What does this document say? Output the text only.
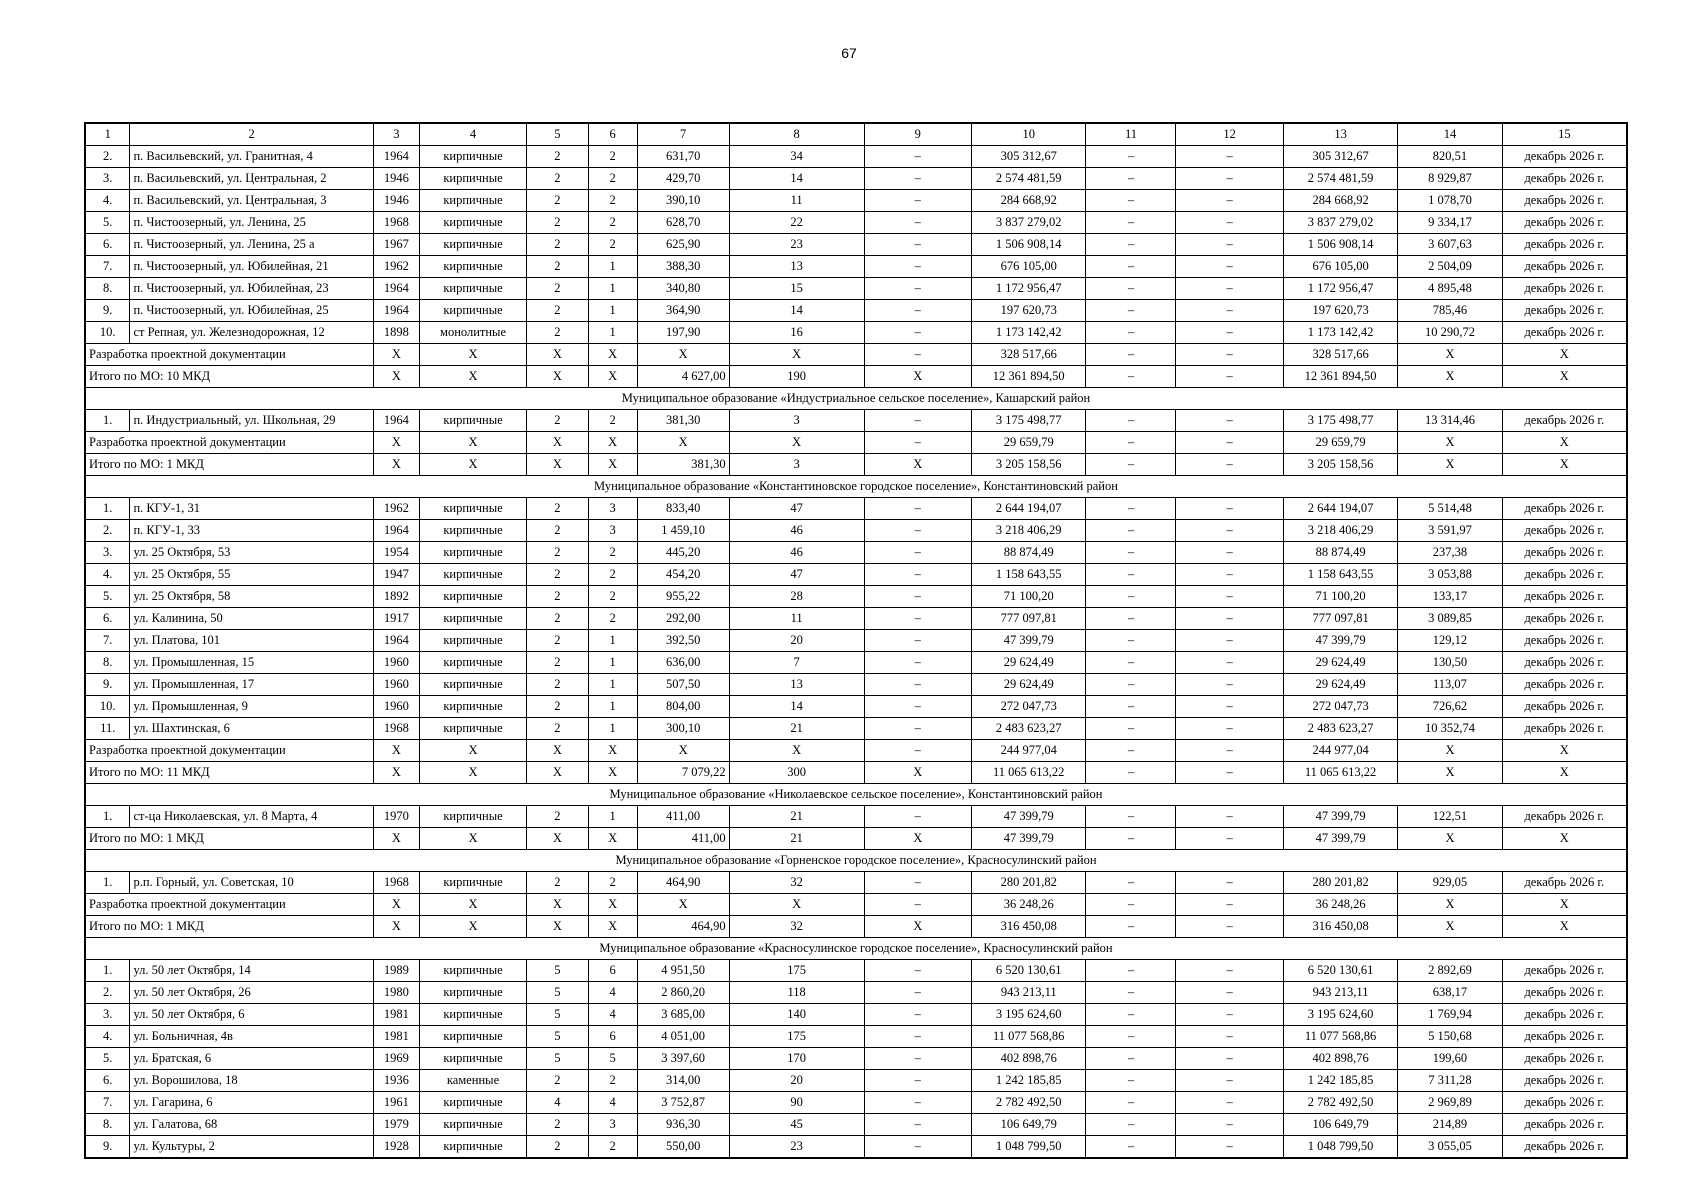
67
1	2	3	4	5	6	7	8	9	10	11	12	13	14	15
2.	п. Васильевский, ул. Гранитная, 4	1964	кирпичные	2	2	631,70	34	–	305 312,67	–	–	305 312,67	820,51	декабрь 2026 г.
3.	п. Васильевский, ул. Центральная, 2	1946	кирпичные	2	2	429,70	14	–	2 574 481,59	–	–	2 574 481,59	8 929,87	декабрь 2026 г.
4.	п. Васильевский, ул. Центральная, 3	1946	кирпичные	2	2	390,10	11	–	284 668,92	–	–	284 668,92	1 078,70	декабрь 2026 г.
5.	п. Чистоозерный, ул. Ленина, 25	1968	кирпичные	2	2	628,70	22	–	3 837 279,02	–	–	3 837 279,02	9 334,17	декабрь 2026 г.
6.	п. Чистоозерный, ул. Ленина, 25 а	1967	кирпичные	2	2	625,90	23	–	1 506 908,14	–	–	1 506 908,14	3 607,63	декабрь 2026 г.
7.	п. Чистоозерный, ул. Юбилейная, 21	1962	кирпичные	2	1	388,30	13	–	676 105,00	–	–	676 105,00	2 504,09	декабрь 2026 г.
8.	п. Чистоозерный, ул. Юбилейная, 23	1964	кирпичные	2	1	340,80	15	–	1 172 956,47	–	–	1 172 956,47	4 895,48	декабрь 2026 г.
9.	п. Чистоозерный, ул. Юбилейная, 25	1964	кирпичные	2	1	364,90	14	–	197 620,73	–	–	197 620,73	785,46	декабрь 2026 г.
10.	ст Репная, ул. Железнодорожная, 12	1898	монолитные	2	1	197,90	16	–	1 173 142,42	–	–	1 173 142,42	10 290,72	декабрь 2026 г.
Разработка проектной документации		X	X	X	X	X	X	–	328 517,66	–	–	328 517,66	X	X
Итого по МО: 10 МКД		X	X	X	X	4 627,00	190	X	12 361 894,50	–	–	12 361 894,50	X	X
Муниципальное образование «Индустриальное сельское поселение», Кашарский район														
1.	п. Индустриальный, ул. Школьная, 29	1964	кирпичные	2	2	381,30	3	–	3 175 498,77	–	–	3 175 498,77	13 314,46	декабрь 2026 г.
Разработка проектной документации		X	X	X	X	X	X	–	29 659,79	–	–	29 659,79	X	X
Итого по МО: 1 МКД		X	X	X	X	381,30	3	X	3 205 158,56	–	–	3 205 158,56	X	X
Муниципальное образование «Константиновское городское поселение», Константиновский район														
1.	п. КГУ-1, 31	1962	кирпичные	2	3	833,40	47	–	2 644 194,07	–	–	2 644 194,07	5 514,48	декабрь 2026 г.
2.	п. КГУ-1, 33	1964	кирпичные	2	3	1 459,10	46	–	3 218 406,29	–	–	3 218 406,29	3 591,97	декабрь 2026 г.
3.	ул. 25 Октября, 53	1954	кирпичные	2	2	445,20	46	–	88 874,49	–	–	88 874,49	237,38	декабрь 2026 г.
4.	ул. 25 Октября, 55	1947	кирпичные	2	2	454,20	47	–	1 158 643,55	–	–	1 158 643,55	3 053,88	декабрь 2026 г.
5.	ул. 25 Октября, 58	1892	кирпичные	2	2	955,22	28	–	71 100,20	–	–	71 100,20	133,17	декабрь 2026 г.
6.	ул. Калинина, 50	1917	кирпичные	2	2	292,00	11	–	777 097,81	–	–	777 097,81	3 089,85	декабрь 2026 г.
7.	ул. Платова, 101	1964	кирпичные	2	1	392,50	20	–	47 399,79	–	–	47 399,79	129,12	декабрь 2026 г.
8.	ул. Промышленная, 15	1960	кирпичные	2	1	636,00	7	–	29 624,49	–	–	29 624,49	130,50	декабрь 2026 г.
9.	ул. Промышленная, 17	1960	кирпичные	2	1	507,50	13	–	29 624,49	–	–	29 624,49	113,07	декабрь 2026 г.
10.	ул. Промышленная, 9	1960	кирпичные	2	1	804,00	14	–	272 047,73	–	–	272 047,73	726,62	декабрь 2026 г.
11.	ул. Шахтинская, 6	1968	кирпичные	2	1	300,10	21	–	2 483 623,27	–	–	2 483 623,27	10 352,74	декабрь 2026 г.
Разработка проектной документации		X	X	X	X	X	X	–	244 977,04	–	–	244 977,04	X	X
Итого по МО: 11 МКД		X	X	X	X	7 079,22	300	X	11 065 613,22	–	–	11 065 613,22	X	X
Муниципальное образование «Николаевское сельское поселение», Константиновский район														
1.	ст-ца Николаевская, ул. 8 Марта, 4	1970	кирпичные	2	1	411,00	21	–	47 399,79	–	–	47 399,79	122,51	декабрь 2026 г.
Итого по МО: 1 МКД		X	X	X	X	411,00	21	X	47 399,79	–	–	47 399,79	X	X
Муниципальное образование «Горненское городское поселение», Красносулинский район														
1.	р.п. Горный, ул. Советская, 10	1968	кирпичные	2	2	464,90	32	–	280 201,82	–	–	280 201,82	929,05	декабрь 2026 г.
Разработка проектной документации		X	X	X	X	X	X	–	36 248,26	–	–	36 248,26	X	X
Итого по МО: 1 МКД		X	X	X	X	464,90	32	X	316 450,08	–	–	316 450,08	X	X
Муниципальное образование «Красносулинское городское поселение», Красносулинский район														
1.	ул. 50 лет Октября, 14	1989	кирпичные	5	6	4 951,50	175	–	6 520 130,61	–	–	6 520 130,61	2 892,69	декабрь 2026 г.
2.	ул. 50 лет Октября, 26	1980	кирпичные	5	4	2 860,20	118	–	943 213,11	–	–	943 213,11	638,17	декабрь 2026 г.
3.	ул. 50 лет Октября, 6	1981	кирпичные	5	4	3 685,00	140	–	3 195 624,60	–	–	3 195 624,60	1 769,94	декабрь 2026 г.
4.	ул. Больничная, 4в	1981	кирпичные	5	6	4 051,00	175	–	11 077 568,86	–	–	11 077 568,86	5 150,68	декабрь 2026 г.
5.	ул. Братская, 6	1969	кирпичные	5	5	3 397,60	170	–	402 898,76	–	–	402 898,76	199,60	декабрь 2026 г.
6.	ул. Ворошилова, 18	1936	каменные	2	2	314,00	20	–	1 242 185,85	–	–	1 242 185,85	7 311,28	декабрь 2026 г.
7.	ул. Гагарина, 6	1961	кирпичные	4	4	3 752,87	90	–	2 782 492,50	–	–	2 782 492,50	2 969,89	декабрь 2026 г.
8.	ул. Галатова, 68	1979	кирпичные	2	3	936,30	45	–	106 649,79	–	–	106 649,79	214,89	декабрь 2026 г.
9.	ул. Культуры, 2	1928	кирпичные	2	2	550,00	23	–	1 048 799,50	–	–	1 048 799,50	3 055,05	декабрь 2026 г.
